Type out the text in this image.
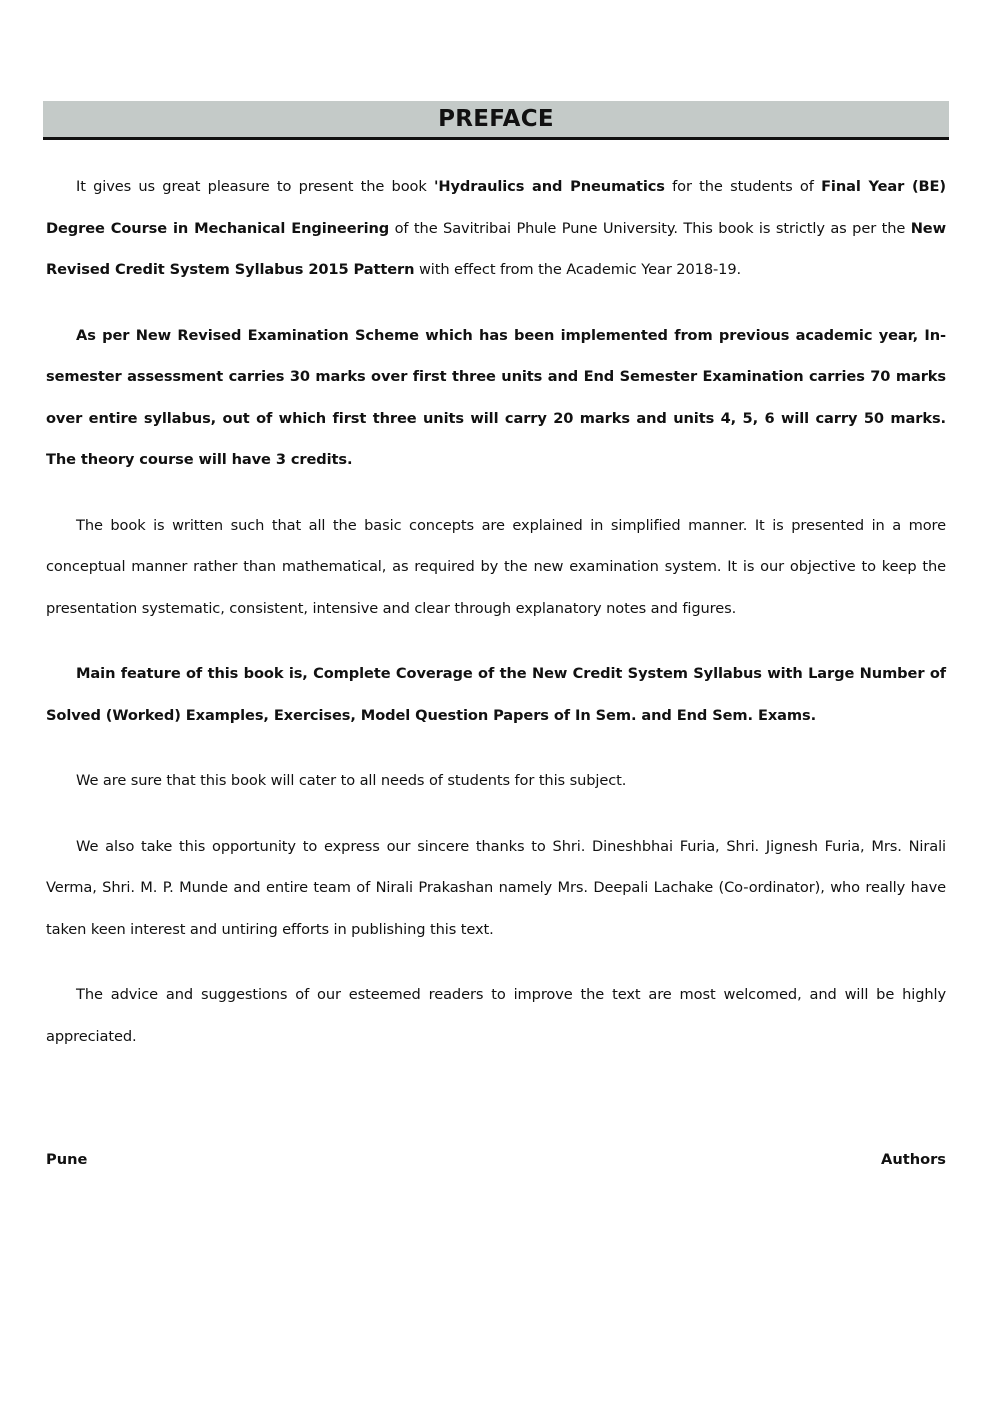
PREFACE

It gives us great pleasure to present the book 'Hydraulics and Pneumatics for the students of Final Year (BE) Degree Course in Mechanical Engineering of the Savitribai Phule Pune University. This book is strictly as per the New Revised Credit System Syllabus 2015 Pattern with effect from the Academic Year 2018-19.

As per New Revised Examination Scheme which has been implemented from previous academic year, In-semester assessment carries 30 marks over first three units and End Semester Examination carries 70 marks over entire syllabus, out of which first three units will carry 20 marks and units 4, 5, 6 will carry 50 marks. The theory course will have 3 credits.

The book is written such that all the basic concepts are explained in simplified manner. It is presented in a more conceptual manner rather than mathematical, as required by the new examination system. It is our objective to keep the presentation systematic, consistent, intensive and clear through explanatory notes and figures.

Main feature of this book is, Complete Coverage of the New Credit System Syllabus with Large Number of Solved (Worked) Examples, Exercises, Model Question Papers of In Sem. and End Sem. Exams.

We are sure that this book will cater to all needs of students for this subject.

We also take this opportunity to express our sincere thanks to Shri. Dineshbhai Furia, Shri. Jignesh Furia, Mrs. Nirali Verma, Shri. M. P. Munde and entire team of Nirali Prakashan namely Mrs. Deepali Lachake (Co-ordinator), who really have taken keen interest and untiring efforts in publishing this text.

The advice and suggestions of our esteemed readers to improve the text are most welcomed, and will be highly appreciated.

Pune	Authors
